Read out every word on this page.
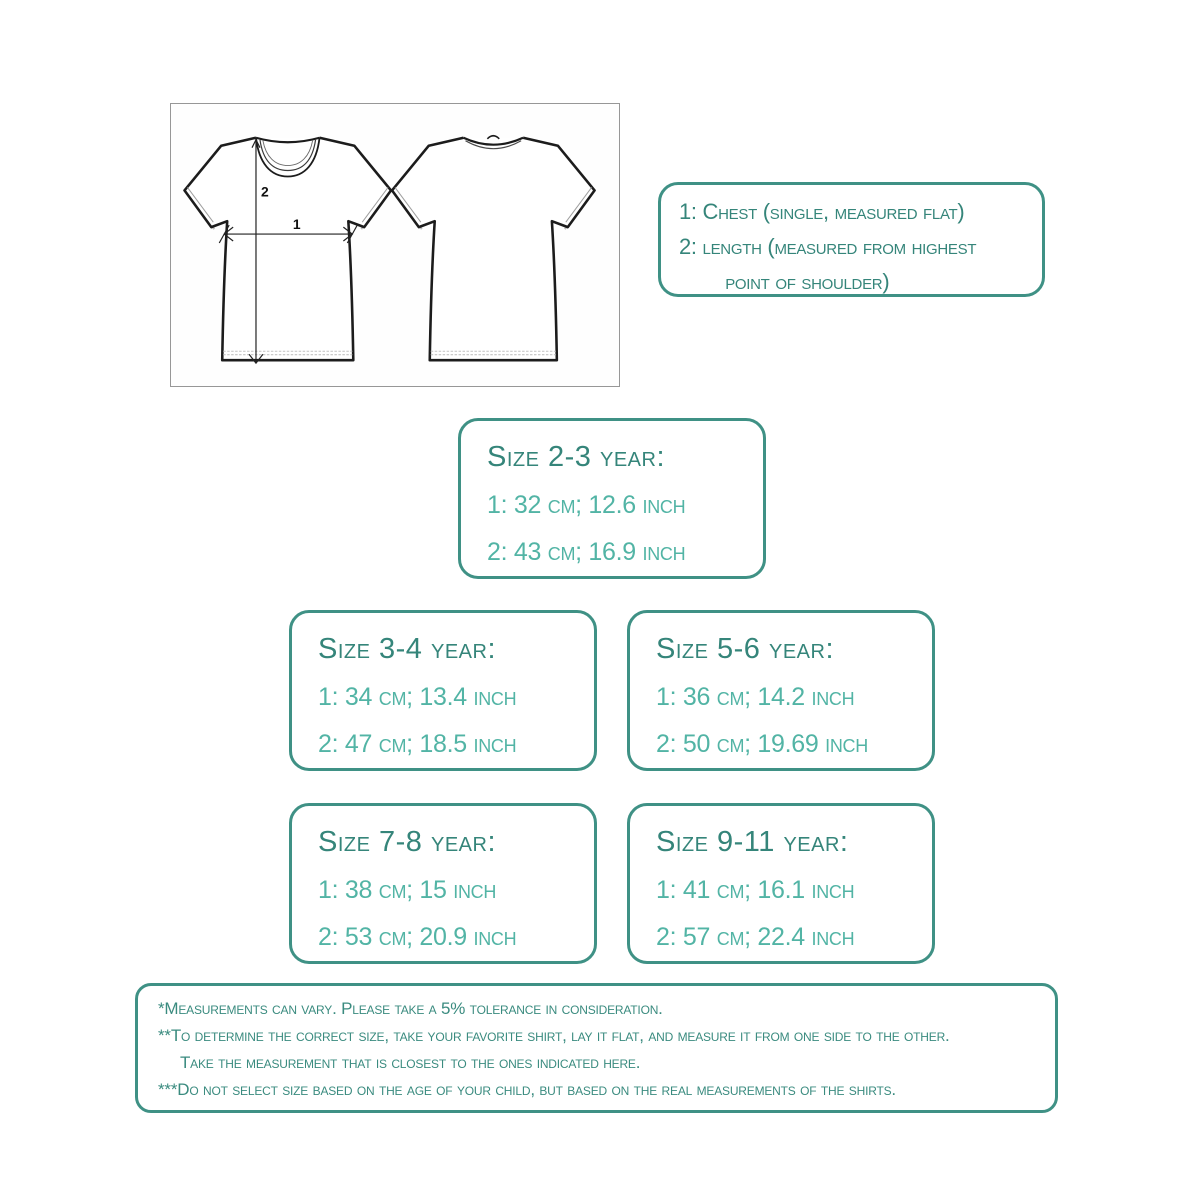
1
2
1: Chest (single, measured flat)
2: length (measured from highest point of shoulder)
Size 2-3 year:
1: 32 cm; 12.6 inch
2: 43 cm; 16.9 inch
Size 3-4 year:
1: 34 cm; 13.4 inch
2: 47 cm; 18.5 inch
Size 5-6 year:
1: 36 cm; 14.2 inch
2: 50 cm; 19.69 inch
Size 7-8 year:
1: 38 cm; 15 inch
2: 53 cm; 20.9 inch
Size 9-11 year:
1: 41 cm; 16.1 inch
2: 57 cm; 22.4 inch
*Measurements can vary. Please take a 5% tolerance in consideration.
**To determine the correct size, take your favorite shirt, lay it flat, and measure it from one side to the other.
Take the measurement that is closest to the ones indicated here.
***Do not select size based on the age of your child, but based on the real measurements of the shirts.
